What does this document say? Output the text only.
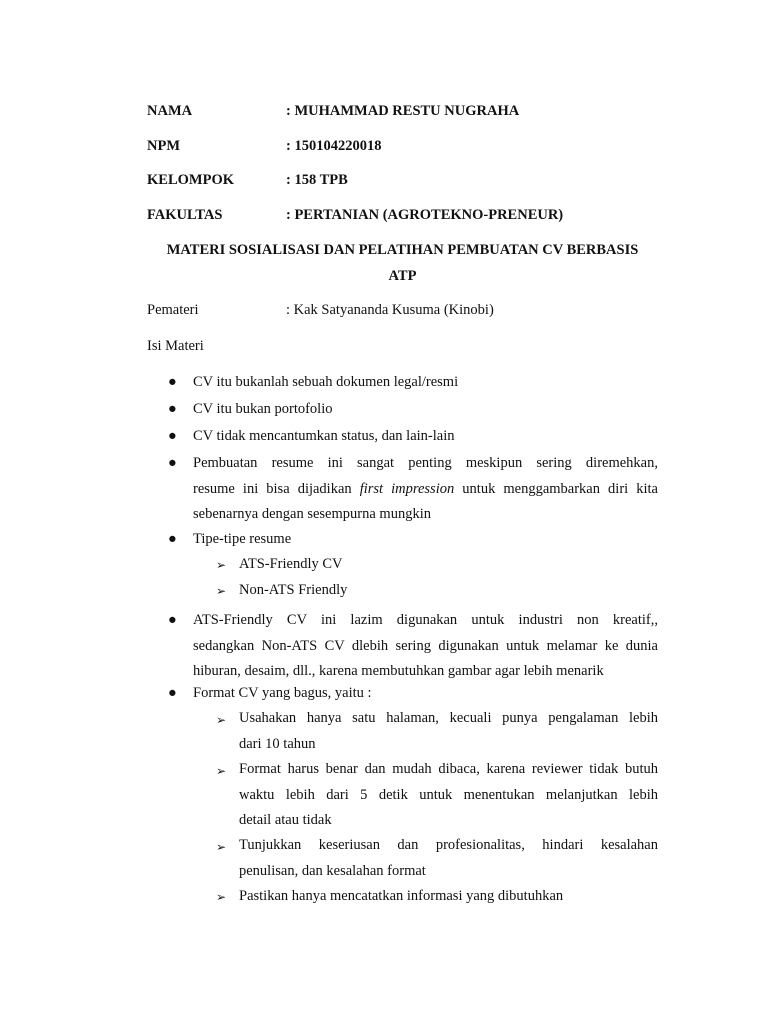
NAMA	: MUHAMMAD RESTU NUGRAHA
NPM	: 150104220018
KELOMPOK	: 158 TPB
FAKULTAS	: PERTANIAN (AGROTEKNO-PRENEUR)
MATERI SOSIALISASI DAN PELATIHAN PEMBUATAN CV BERBASIS
ATP
Pemateri	: Kak Satyananda Kusuma (Kinobi)
Isi Materi
● CV itu bukanlah sebuah dokumen legal/resmi
● CV itu bukan portofolio
● CV tidak mencantumkan status, dan lain-lain
● Pembuatan resume ini sangat penting meskipun sering diremehkan,
resume ini bisa dijadikan first impression untuk menggambarkan diri kita
sebenarnya dengan sesempurna mungkin
● Tipe-tipe resume
➢ ATS-Friendly CV
➢ Non-ATS Friendly
● ATS-Friendly CV ini lazim digunakan untuk industri non kreatif,,
sedangkan Non-ATS CV dlebih sering digunakan untuk melamar ke dunia
hiburan, desaim, dll., karena membutuhkan gambar agar lebih menarik
● Format CV yang bagus, yaitu :
➢ Usahakan hanya satu halaman, kecuali punya pengalaman lebih
dari 10 tahun
➢ Format harus benar dan mudah dibaca, karena reviewer tidak butuh
waktu lebih dari 5 detik untuk menentukan melanjutkan lebih
detail atau tidak
➢ Tunjukkan keseriusan dan profesionalitas, hindari kesalahan
penulisan, dan kesalahan format
➢ Pastikan hanya mencatatkan informasi yang dibutuhkan
